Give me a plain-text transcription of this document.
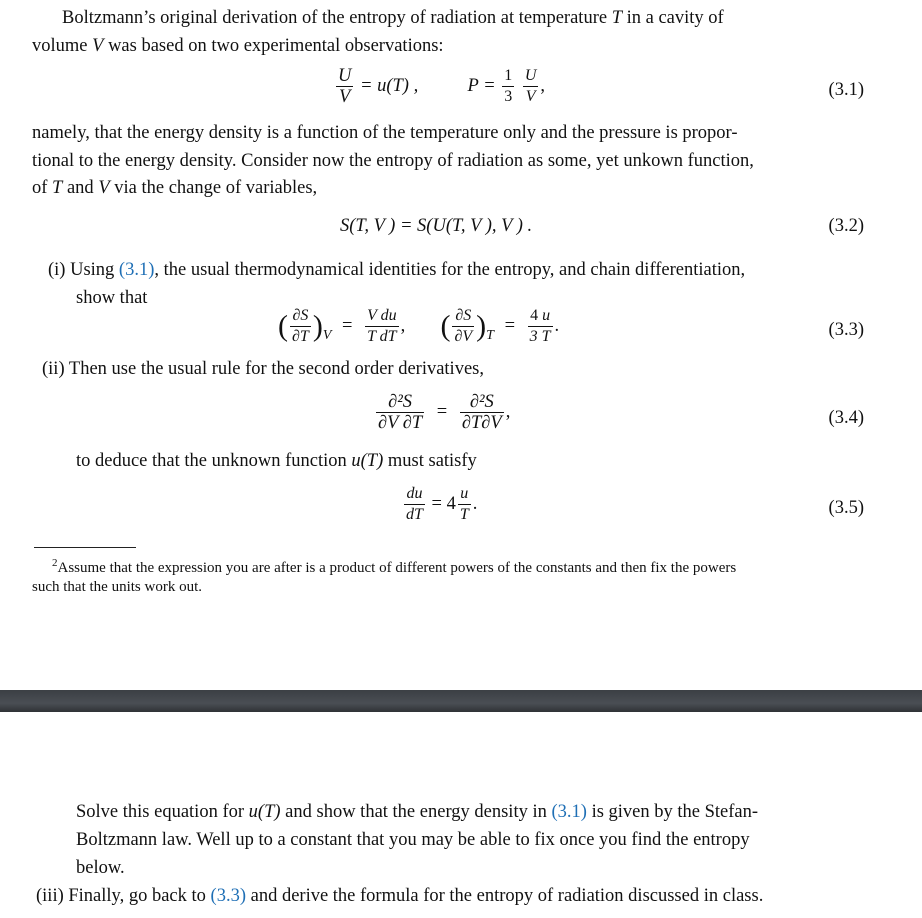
Boltzmann’s original derivation of the entropy of radiation at temperature T in a cavity of
volume V was based on two experimental observations:
$\frac{U}{V} = u(T)$ ,	$P = \frac{1}{3}$
$\frac{U}{V}$ ,	(3.1)
namely, that the energy density is a function of the temperature only and the pressure is propor-
tional to the energy density. Consider now the entropy of radiation as some, yet unkown function,
of T and V via the change of variables,
S(T, V ) = S(U(T, V ), V ) .	(3.2)
(i) Using (3.1), the usual thermodynamical identities for the entropy, and chain differentiation,
show that
( $\frac{\partial S}{\partial T} )_V = \frac{\text{V du}}{\text{T dT}}$ ,  ( $\frac{\partial S}{\partial V} )_T = \frac{4 u}{3 T}$ .	(3.3)
(ii) Then use the usual rule for the second order derivatives,
$\frac{\text{∂²S}}{\partial V \partial T} = \frac{\text{∂²S}}{\partial T\partial V}$ ,	(3.4)
to deduce that the unknown function u(T) must satisfy
$\frac{du}{dT} = 4 \frac{u}{T}$ .	(3.5)
$^2$Assume that the expression you are after is a product of different powers of the constants and then fix the powers
such that the units work out.
Solve this equation for u(T) and show that the energy density in (3.1) is given by the Stefan-
Boltzmann law. Well up to a constant that you may be able to fix once you find the entropy
below.
(iii) Finally, go back to (3.3) and derive the formula for the entropy of radiation discussed in class.
